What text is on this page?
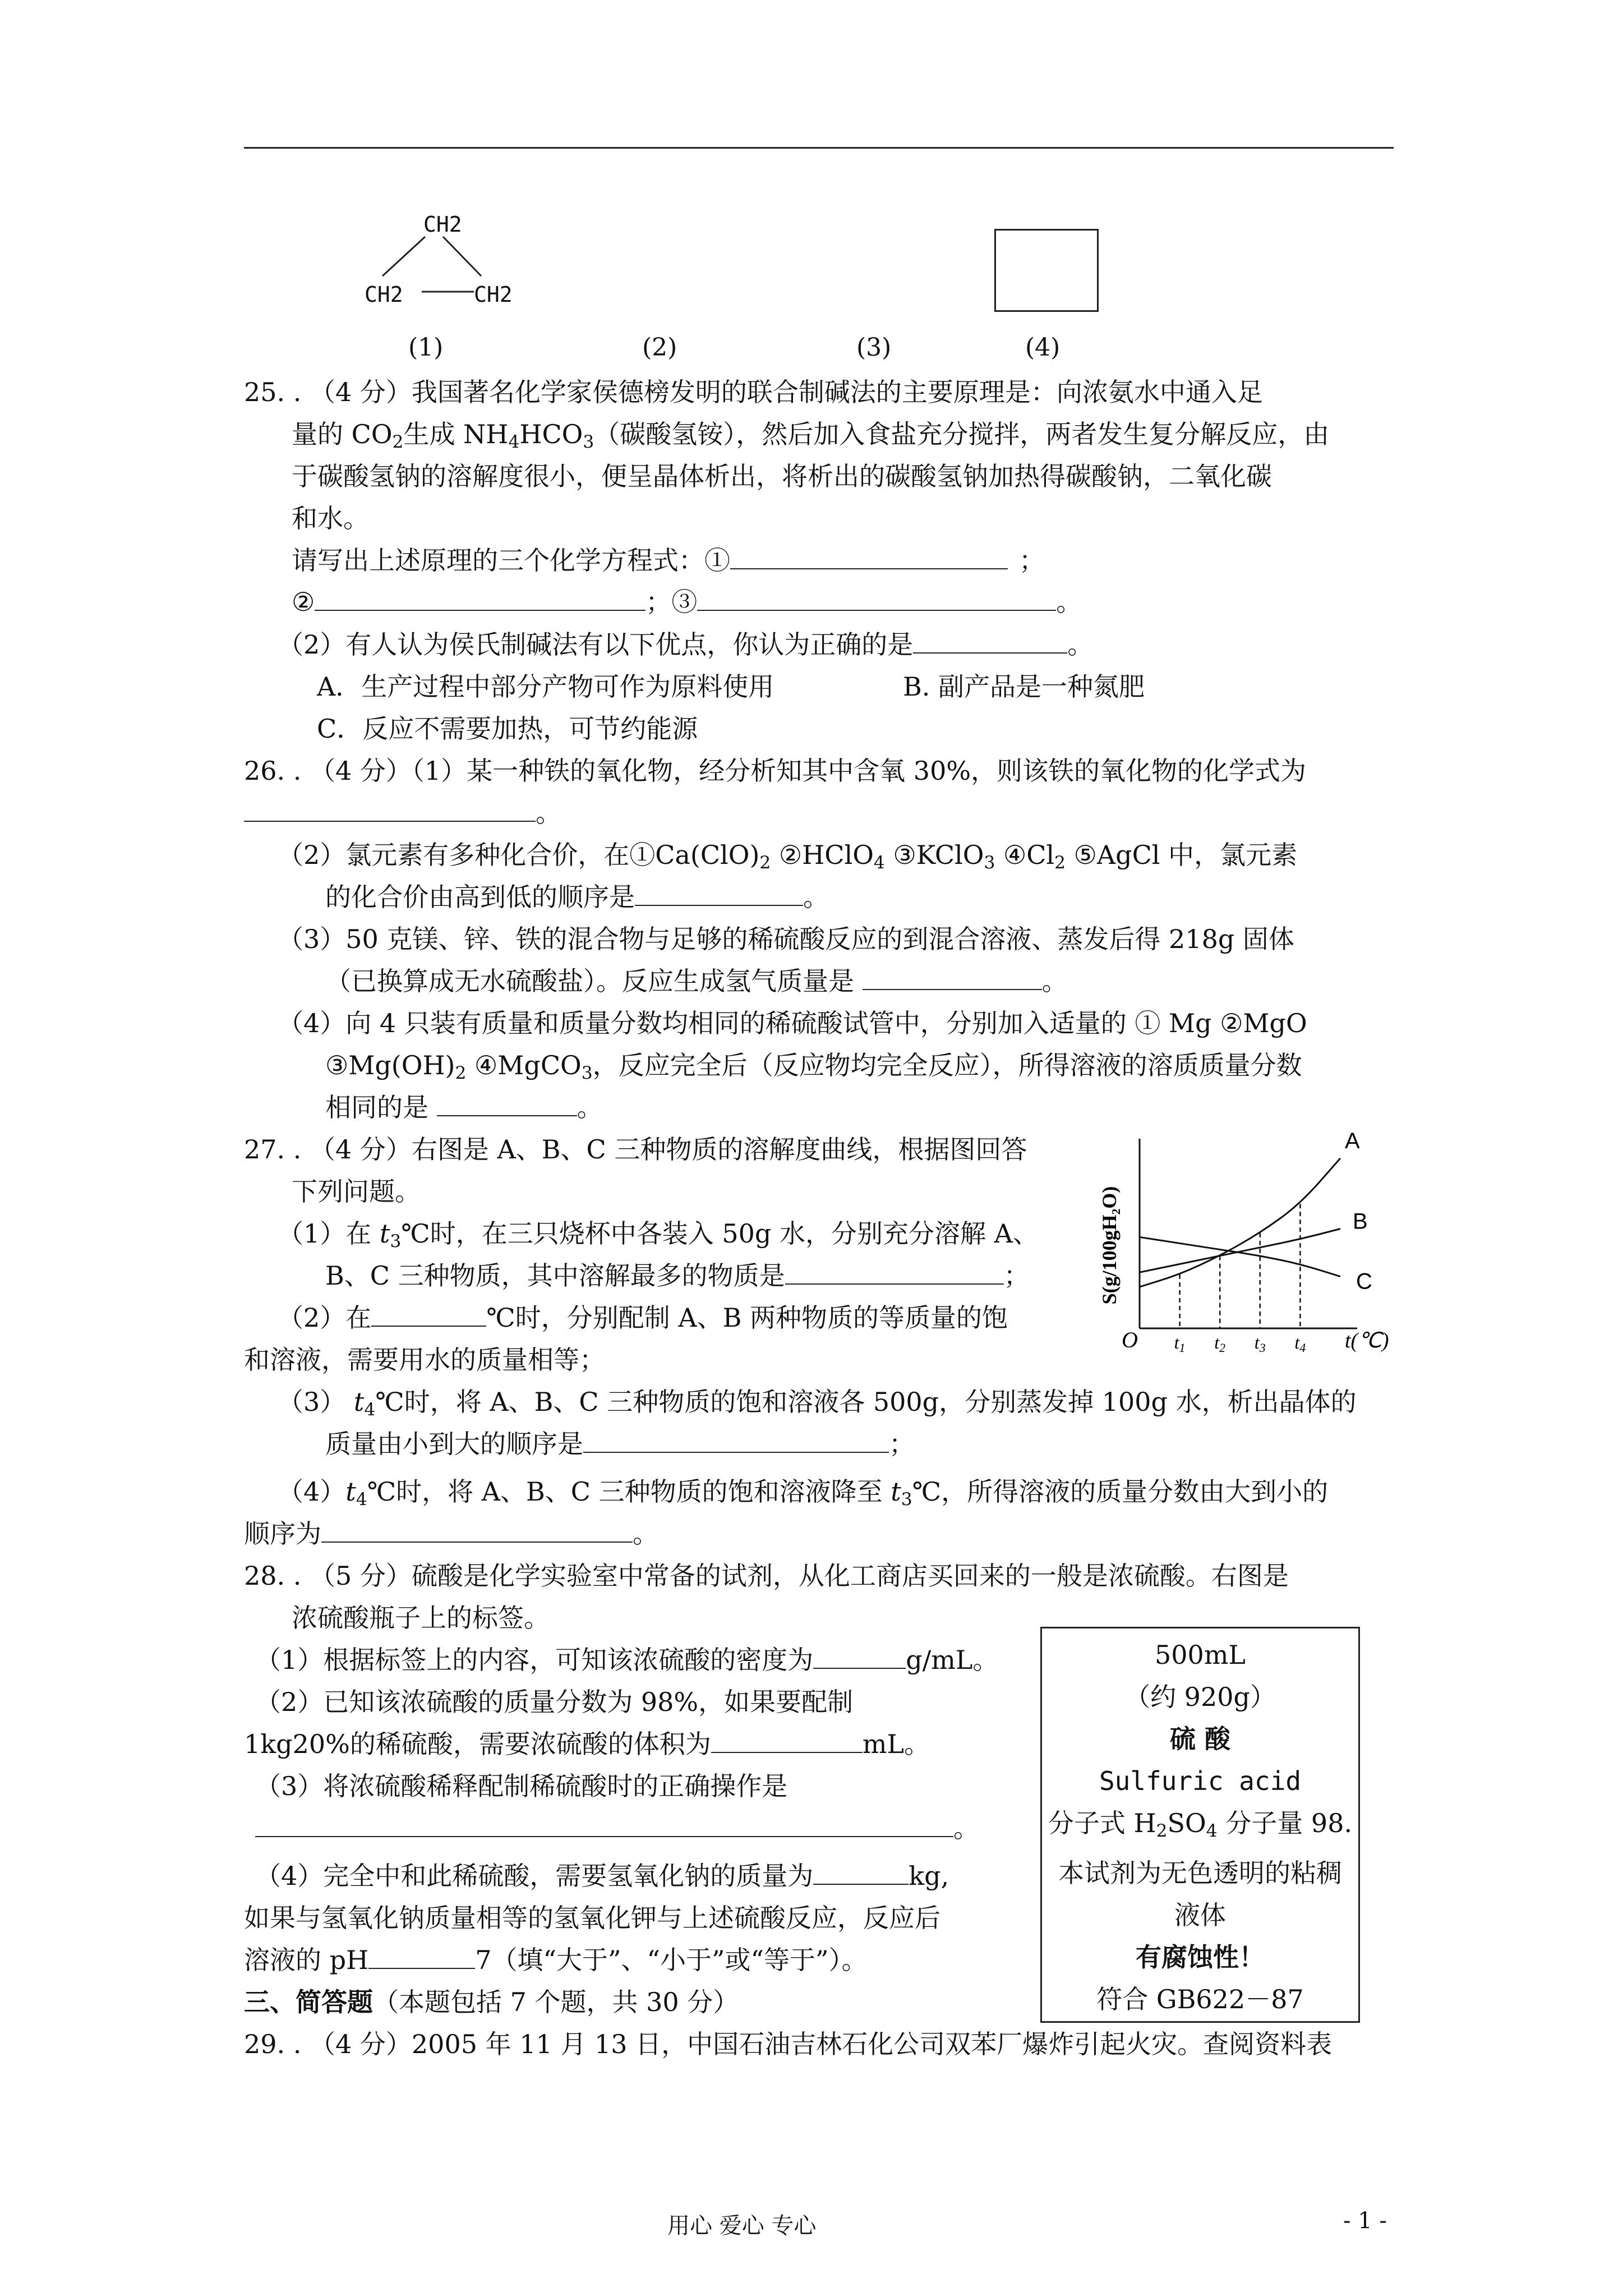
CH2
CH2	CH2
(1)	(2)	(3)	(4)
25. . （4 分）我国著名化学家侯德榜发明的联合制碱法的主要原理是：向浓氨水中通入足
量的 $CO_2$生成 $NH_4HCO_3$（碳酸氢铵），然后加入食盐充分搅拌，两者发生复分解反应，由
于碳酸氢钠的溶解度很小，便呈晶体析出，将析出的碳酸氢钠加热得碳酸钠，二氧化碳
和水。
请写出上述原理的三个化学方程式：①	；
②	；③	。
（2）有人认为侯氏制碱法有以下优点，你认为正确的是	。
A．生产过程中部分产物可作为原料使用	B. 副产品是一种氮肥
C．反应不需要加热，可节约能源
26. . （4 分）（1）某一种铁的氧化物，经分析知其中含氧 30%，则该铁的氧化物的化学式为
。
（2）氯元素有多种化合价，在$①Ca(ClO)_2$ ②HClO$_4$ ③KClO$_3$ $④Cl_2$ ⑤AgCl 中，氯元素
的化合价由高到低的顺序是	。
（3）50 克镁、锌、铁的混合物与足够的稀硫酸反应的到混合溶液、蒸发后得 218g 固体
（已换算成无水硫酸盐）。反应生成氢气质量是	。
（4）向 4 只装有质量和质量分数均相同的稀硫酸试管中，分别加入适量的 ① Mg ②MgO
$③Mg(OH)_2$ ④MgCO$_3$，反应完全后（反应物均完全反应），所得溶液的溶质质量分数
相同的是	。
27. . （4 分）右图是 A、B、C 三种物质的溶解度曲线，根据图回答
下列问题。
（1）在 $t_3℃$时，在三只烧杯中各装入 50g 水，分别充分溶解 A、
B、C 三种物质，其中溶解最多的物质是	；
（2）在	℃时，分别配制 A、B 两种物质的等质量的饱
和溶液，需要用水的质量相等；
（3） $t_4℃$时，将 A、B、C 三种物质的饱和溶液各 500g，分别蒸发掉 100g 水，析出晶体的
质量由小到大的顺序是	；
$(4)t_4℃$时，将 A、B、C 三种物质的饱和溶液降至 $t_3℃$，所得溶液的质量分数由大到小的
顺序为	。
S(g/100gH₂O)
O	t(℃)
A
B
C
t1 t2 t3 t4
28. . （5 分）硫酸是化学实验室中常备的试剂，从化工商店买回来的一般是浓硫酸。右图是
浓硫酸瓶子上的标签。
（1）根据标签上的内容，可知该浓硫酸的密度为	g/mL。
（2）已知该浓硫酸的质量分数为 98%，如果要配制
1kg20%的稀硫酸，需要浓硫酸的体积为	mL。
（3）将浓硫酸稀释配制稀硫酸时的正确操作是
。
（4）完全中和此稀硫酸，需要氢氧化钠的质量为	kg,
如果与氢氧化钠质量相等的氢氧化钾与上述硫酸反应，反应后
溶液的 pH	7（填“大于”、“小于”或“等于”）。
500mL
（约 920g）
硫 酸
Sulfuric acid
分子式 $H_2SO_4$ 分子量 98.
本试剂为无色透明的粘稠
液体
有腐蚀性！
符合 GB622－87
三、简答题（本题包括 7 个题，共 30 分）
29. . （4 分）2005 年 11 月 13 日，中国石油吉林石化公司双苯厂爆炸引起火灾。查阅资料表
用心 爱心 专心	- 1 -
